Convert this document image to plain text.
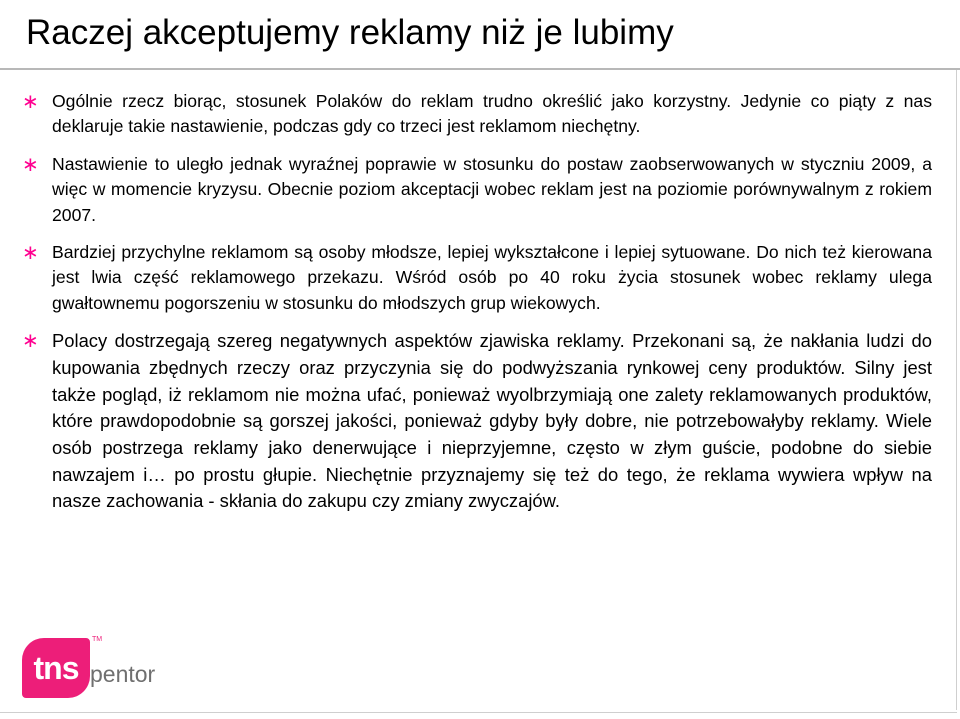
Raczej akceptujemy reklamy niż je lubimy
∗ Ogólnie rzecz biorąc, stosunek Polaków do reklam trudno określić jako korzystny. Jedynie co piąty z nas deklaruje takie nastawienie, podczas gdy co trzeci jest reklamom niechętny.
∗ Nastawienie to uległo jednak wyraźnej poprawie w stosunku do postaw zaobserwowanych w styczniu 2009, a więc w momencie kryzysu. Obecnie poziom akceptacji wobec reklam jest na poziomie porównywalnym z rokiem 2007.
∗ Bardziej przychylne reklamom są osoby młodsze, lepiej wykształcone i lepiej sytuowane. Do nich też kierowana jest lwia część reklamowego przekazu. Wśród osób po 40 roku życia stosunek wobec reklamy ulega gwałtownemu pogorszeniu w stosunku do młodszych grup wiekowych.
∗ Polacy dostrzegają szereg negatywnych aspektów zjawiska reklamy. Przekonani są, że nakłania ludzi do kupowania zbędnych rzeczy oraz przyczynia się do podwyższania rynkowej ceny produktów. Silny jest także pogląd, iż reklamom nie można ufać, ponieważ wyolbrzymiają one zalety reklamowanych produktów, które prawdopodobnie są gorszej jakości, ponieważ gdyby były dobre, nie potrzebowałyby reklamy. Wiele osób postrzega reklamy jako denerwujące i nieprzyjemne, często w złym guście, podobne do siebie nawzajem i… po prostu głupie. Niechętnie przyznajemy się też do tego, że reklama wywiera wpływ na nasze zachowania - skłania do zakupu czy zmiany zwyczajów.
tns
TM
pentor
